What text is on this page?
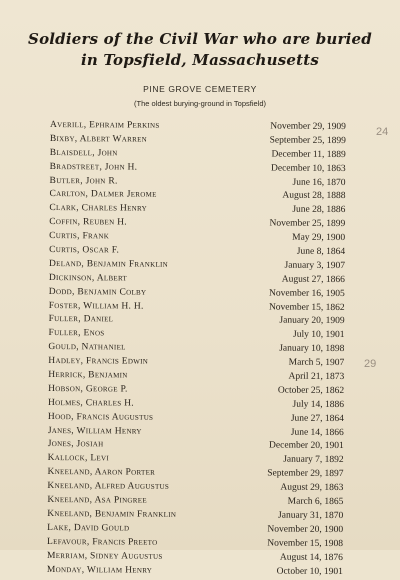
Soldiers of the Civil War who are buried
in Topsfield, Massachusetts
PINE GROVE CEMETERY
(The oldest burying-ground in Topsfield)
24
29
Averill, Ephraim Perkins	November 29, 1909
Bixby, Albert Warren	September 25, 1899
Blaisdell, John	December 11, 1889
Bradstreet, John H.	December 10, 1863
Butler, John R.	June 16, 1870
Carlton, Dalmer Jerome	August 28, 1888
Clark, Charles Henry	June 28, 1886
Coffin, Reuben H.	November 25, 1899
Curtis, Frank	May 29, 1900
Curtis, Oscar F.	June 8, 1864
Deland, Benjamin Franklin	January 3, 1907
Dickinson, Albert	August 27, 1866
Dodd, Benjamin Colby	November 16, 1905
Foster, William H. H.	November 15, 1862
Fuller, Daniel	January 20, 1909
Fuller, Enos	July 10, 1901
Gould, Nathaniel	January 10, 1898
Hadley, Francis Edwin	March 5, 1907
Herrick, Benjamin	April 21, 1873
Hobson, George P.	October 25, 1862
Holmes, Charles H.	July 14, 1886
Hood, Francis Augustus	June 27, 1864
Janes, William Henry	June 14, 1866
Jones, Josiah	December 20, 1901
Kallock, Levi	January 7, 1892
Kneeland, Aaron Porter	September 29, 1897
Kneeland, Alfred Augustus	August 29, 1863
Kneeland, Asa Pingree	March 6, 1865
Kneeland, Benjamin Franklin	January 31, 1870
Lake, David Gould	November 20, 1900
Lefavour, Francis Preeto	November 15, 1908
Merriam, Sidney Augustus	August 14, 1876
Monday, William Henry	October 10, 1901
